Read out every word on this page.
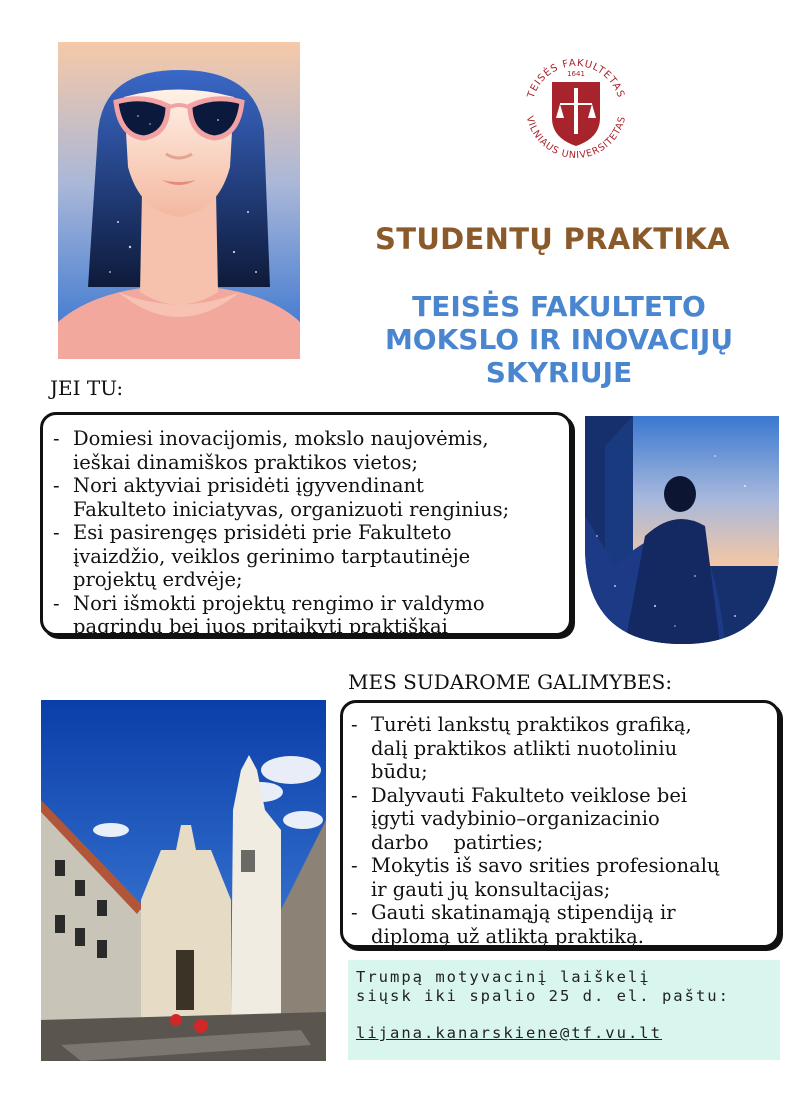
TEISĖS FAKULTETAS
1641
VILNIAUS UNIVERSITETAS
STUDENTŲ PRAKTIKA
TEISĖS FAKULTETO
MOKSLO IR INOVACIJŲ
SKYRIUJE
JEI TU:
- Domiesi inovacijomis, mokslo naujovėmis,
ieškai dinamiškos praktikos vietos;
- Nori aktyviai prisidėti įgyvendinant
Fakulteto iniciatyvas, organizuoti renginius;
- Esi pasirengęs prisidėti prie Fakulteto
įvaizdžio, veiklos gerinimo tarptautinėje
projektų erdvėje;
- Nori išmokti projektų rengimo ir valdymo
pagrindų bei juos pritaikyti praktiškai
MES SUDAROME GALIMYBES:
- Turėti lankstų praktikos grafiką,
dalį praktikos atlikti nuotoliniu
būdu;
- Dalyvauti Fakulteto veiklose bei
įgyti vadybinio–organizacinio
darbo    patirties;
- Mokytis iš savo srities profesionalų
ir gauti jų konsultacijas;
- Gauti skatinamąją stipendiją ir
diplomą už atliktą praktiką.
Trumpą motyvacinį laiškelį
siųsk iki spalio 25 d. el. paštu:
lijana.kanarskiene@tf.vu.lt
